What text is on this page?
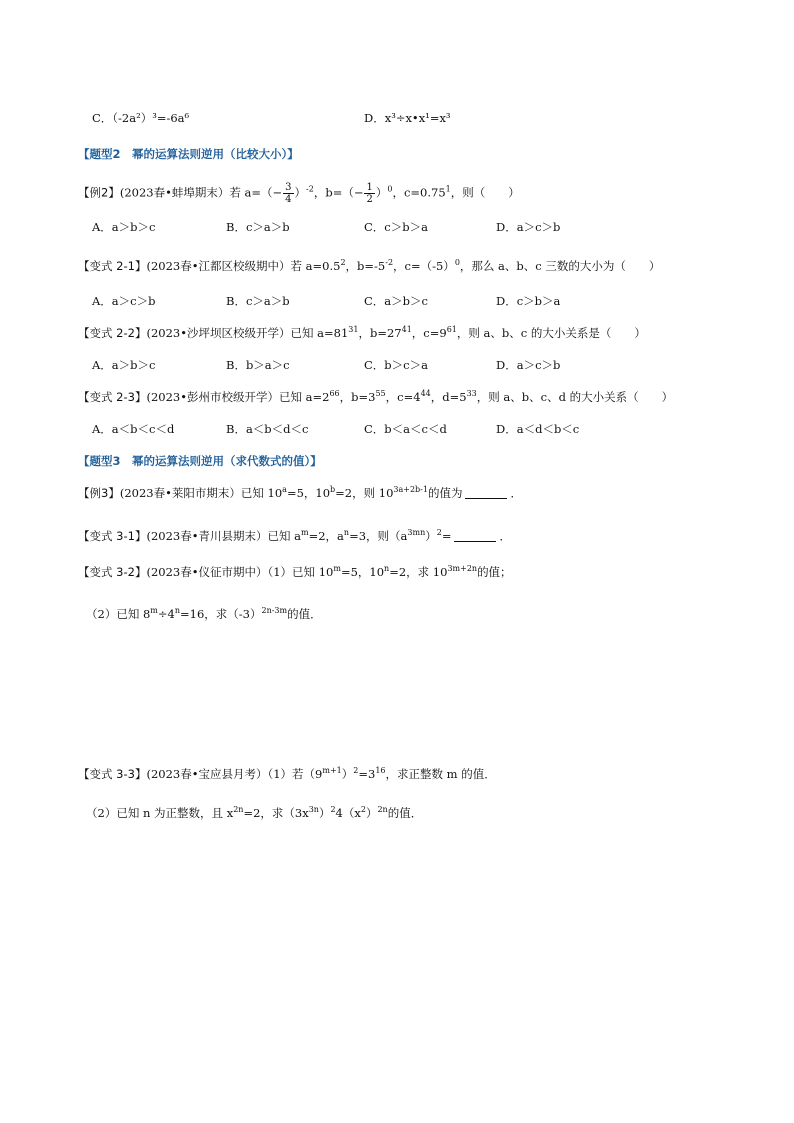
C．（-2a²）³=-6a⁶	D．x³÷x•x¹=x³
【题型2　幂的运算法则逆用（比较大小）】
【例2】(2023春•蚌埠期末）若 $a=(- \frac{3}{4} )^{-2}$，$b=(- \frac{1}{2} )^0$，$c=0.75^1$，则（　　）
A．a＞b＞c	B．c＞a＞b	C．c＞b＞a	D．a＞c＞b
【变式 2-1】(2023春•江都区校级期中）若 $a=0.5^2$，$b=-5^{-2}$，$c=(-5)^0$，那么 a、b、c 三数的大小为（　　）
A．a＞c＞b	B．c＞a＞b	C．a＞b＞c	D．c＞b＞a
【变式 2-2】(2023•沙坪坝区校级开学）已知 $a=81^{31}$，$b=27^{41}$，$c=9^{61}$，则 a、b、c 的大小关系是（　　）
A．a＞b＞c	B．b＞a＞c	C．b＞c＞a	D．a＞c＞b
【变式 2-3】(2023•彭州市校级开学）已知 $a=2^{66}$，$b=3^{55}$，$c=4^{44}$，$d=5^{33}$，则 a、b、c、d 的大小关系（　　）
A．a＜b＜c＜d	B．a＜b＜d＜c	C．b＜a＜c＜d	D．a＜d＜b＜c
【题型3　幂的运算法则逆用（求代数式的值）】
【例3】(2023春•莱阳市期末）已知 $10^a=5$，$10^b=2$，则 $10^{3a+2b-1}$的值为	．
【变式 3-1】(2023春•青川县期末）已知 $a^m=2$，$a^n=3$，则$(a^{3mn})^2=$	．
【变式 3-2】(2023春•仪征市期中）（1）已知 $10^m=5$，$10^n=2$，求 $10^{3m+2n}$的值；
（2）已知 $8^m\div 4^n=16$，求$(-3)^{2n-3m}$的值．
【变式 3-3】(2023春•宝应县月考）（1）若$(9^{m+1})^2=3^{16}$，求正整数 m 的值．
（2）已知 n 为正整数，且 $x^{2n}=2$，求$(3x^{3n})^24(x^2)^{2n}$的值．
